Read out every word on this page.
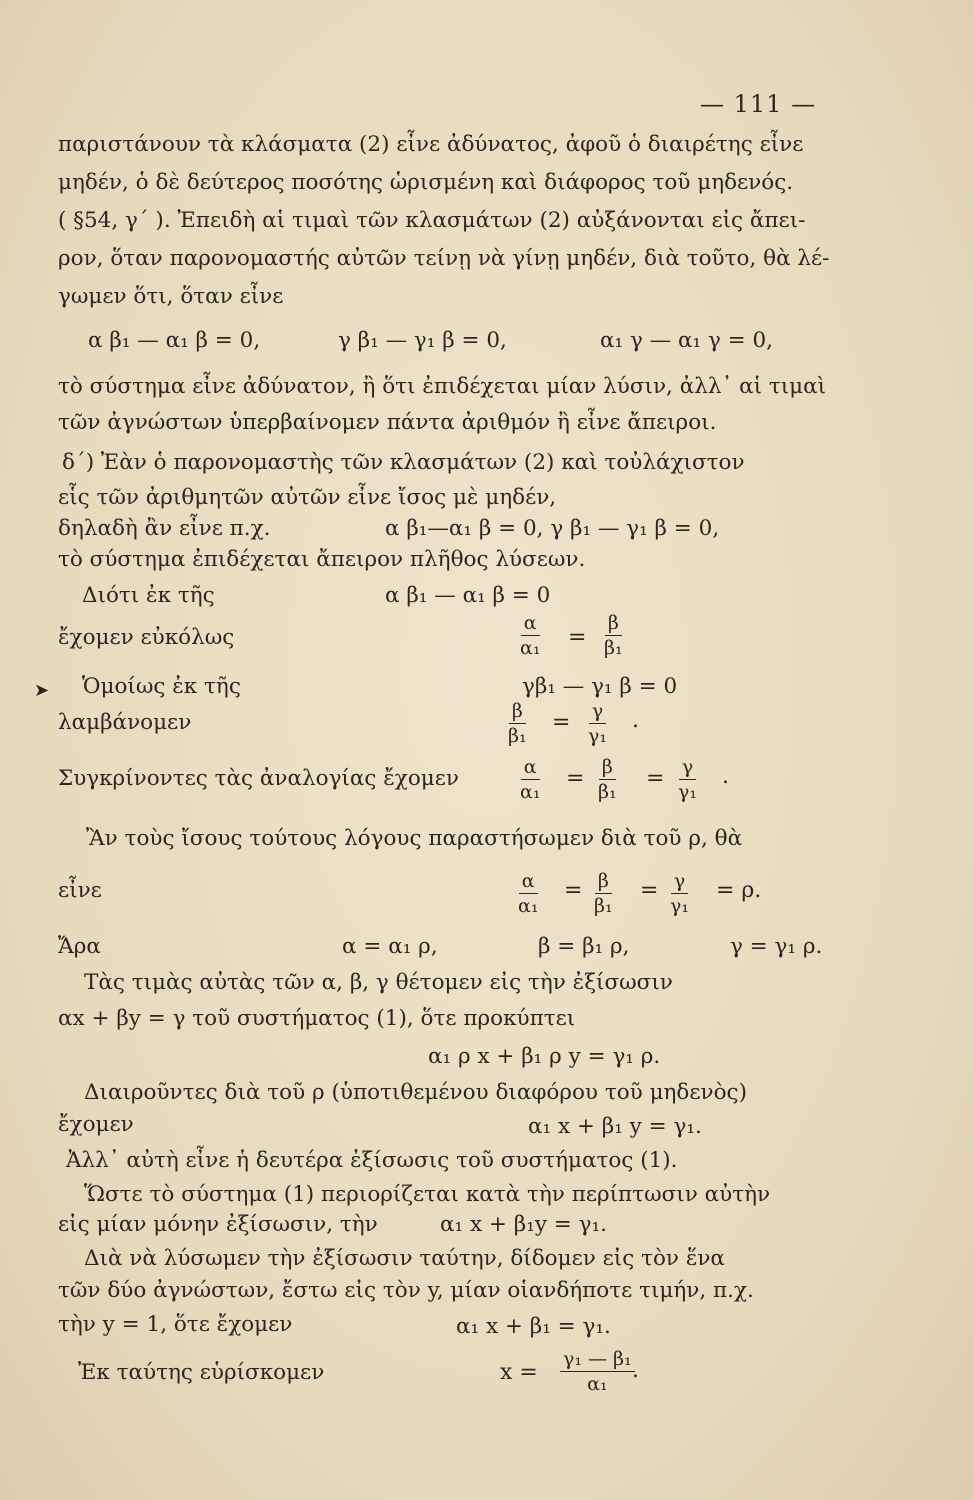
— 111 —
παριστάνουν τὰ κλάσματα (2) εἶνε ἀδύνατος, ἀφοῦ ὁ διαιρέτης εἶνε
μηδέν, ὁ δὲ δεύτερος ποσότης ὡρισμένη καὶ διάφορος τοῦ μηδενός.
( §54, γ´ ). Ἐπειδὴ αἱ τιμαὶ τῶν κλασμάτων (2) αὐξάνονται εἰς ἄπει-
ρον, ὅταν παρονομαστής αὐτῶν τείνῃ νὰ γίνῃ μηδέν, διὰ τοῦτο, θὰ λέ-
γωμεν ὅτι, ὅταν εἶνε
α β₁ — α₁ β = 0,	γ β₁ — γ₁ β = 0,	α₁ γ — α₁ γ = 0,
τὸ σύστημα εἶνε ἀδύνατον, ἢ ὅτι ἐπιδέχεται μίαν λύσιν, ἀλλ᾽ αἱ τιμαὶ
τῶν ἀγνώστων ὑπερβαίνομεν πάντα ἀριθμόν ἢ εἶνε ἄπειροι.
δ´) Ἐὰν ὁ παρονομαστὴς τῶν κλασμάτων (2) καὶ τοὐλάχιστον
εἷς τῶν ἀριθμητῶν αὐτῶν εἶνε ἴσος μὲ μηδέν,
δηλαδὴ ἂν εἶνε π.χ.	α β₁—α₁ β = 0, γ β₁ — γ₁ β = 0,
τὸ σύστημα ἐπιδέχεται ἄπειρον πλῆθος λύσεων.
Διότι ἐκ τῆς	α β₁ — α₁ β = 0
ἔχομεν εὐκόλως	$\frac{\alpha}{\text{α₁}} = \frac{\beta}{\text{β₁}}$
➤ Ὁμοίως ἐκ τῆς	γβ₁ — γ₁ β = 0
λαμβάνομεν	$\frac{\beta}{\text{β₁}} = \frac{\gamma}{\text{γ₁}}$ .
Συγκρίνοντες τὰς ἀναλογίας ἔχομεν	$\frac{\alpha}{\text{α₁}} = \frac{\beta}{\text{β₁}} = \frac{\gamma}{\text{γ₁}}$ .
Ἂν τοὺς ἴσους τούτους λόγους παραστήσωμεν διὰ τοῦ ρ, θὰ
εἶνε	$\frac{\alpha}{\text{α₁}} = \frac{\beta}{\text{β₁}} = \frac{\gamma}{\text{γ₁}} = \rho$.
Ἄρα	α = α₁ ρ,	β = β₁ ρ,	γ = γ₁ ρ.
Τὰς τιμὰς αὐτὰς τῶν α, β, γ θέτομεν εἰς τὴν ἐξίσωσιν
αx + βy = γ τοῦ συστήματος (1), ὅτε προκύπτει
α₁ ρ x + β₁ ρ y = γ₁ ρ.
Διαιροῦντες διὰ τοῦ ρ (ὑποτιθεμένου διαφόρου τοῦ μηδενὸς)
ἔχομεν	α₁ x + β₁ y = γ₁.
Ἀλλ᾽ αὐτὴ εἶνε ἡ δευτέρα ἐξίσωσις τοῦ συστήματος (1).
Ὥστε τὸ σύστημα (1) περιορίζεται κατὰ τὴν περίπτωσιν αὐτὴν
εἰς μίαν μόνην ἐξίσωσιν, τὴν	α₁ x + β₁y = γ₁.
Διὰ νὰ λύσωμεν τὴν ἐξίσωσιν ταύτην, δίδομεν εἰς τὸν ἕνα
τῶν δύο ἀγνώστων, ἔστω εἰς τὸν y, μίαν οἱανδήποτε τιμήν, π.χ.
τὴν y = 1, ὅτε ἔχομεν	α₁ x + β₁ = γ₁.
Ἐκ ταύτης εὑρίσκομεν	$x = \frac{\text{γ₁ — β₁}}{\text{α₁}}$
.
